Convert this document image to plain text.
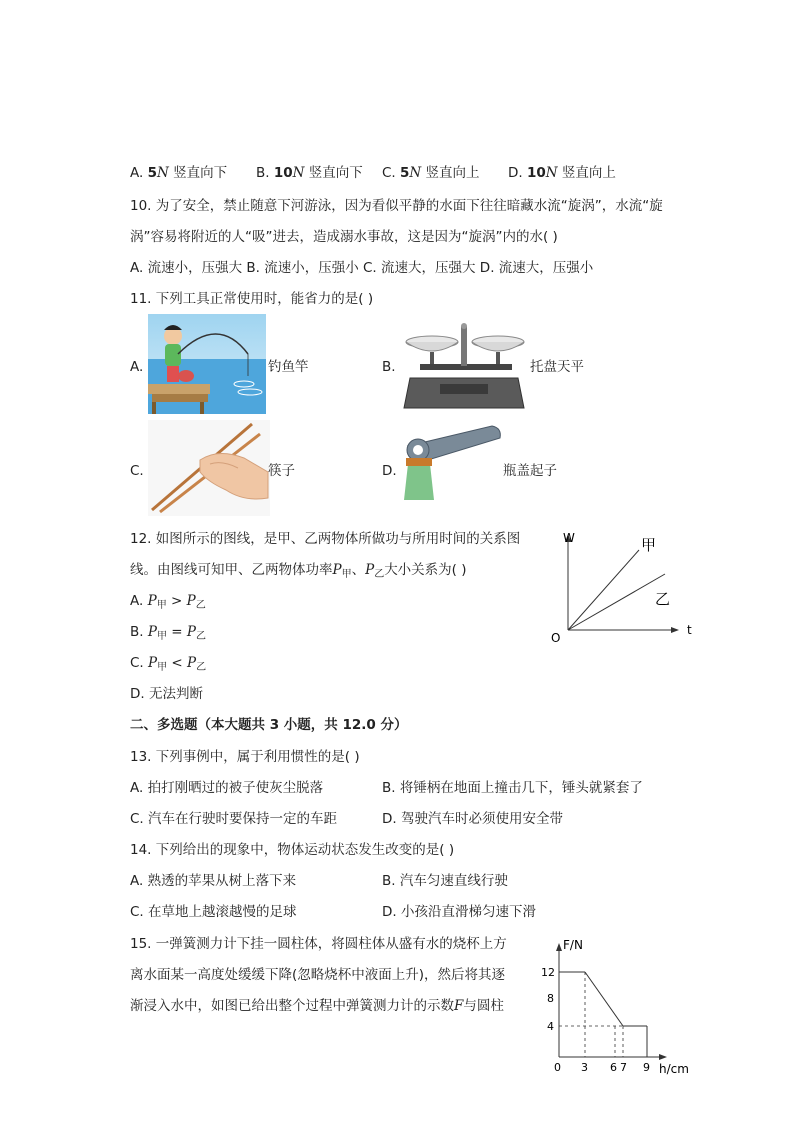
A. 5N 竖直向下 B. 10N 竖直向下 C. 5N 竖直向上 D. 10N 竖直向上
10. 为了安全，禁止随意下河游泳，因为看似平静的水面下往往暗藏水流“旋涡”，水流“旋
涡”容易将附近的人“吸”进去，造成溺水事故，这是因为“旋涡”内的水( )
A. 流速小，压强大 B. 流速小，压强小 C. 流速大，压强大 D. 流速大，压强小
11. 下列工具正常使用时，能省力的是( )
A.	钓鱼竿	B.	托盘天平
C.	筷子	D.	瓶盖起子
12. 如图所示的图线，是甲、乙两物体所做功与所用时间的关系图
线。由图线可知甲、乙两物体功率$P_甲$、$P_乙$大小关系为( )
A. $P_甲 > P_乙$
B. $P_甲 = P_乙$
C. $P_甲 < P_乙$
D. 无法判断
W
t
O
甲
乙
二、多选题（本大题共 3 小题，共 12.0 分）
13. 下列事例中，属于利用惯性的是( )
A. 拍打刚晒过的被子使灰尘脱落	B. 将锤柄在地面上撞击几下，锤头就紧套了
C. 汽车在行驶时要保持一定的车距	D. 驾驶汽车时必须使用安全带
14. 下列给出的现象中，物体运动状态发生改变的是( )
A. 熟透的苹果从树上落下来	B. 汽车匀速直线行驶
C. 在草地上越滚越慢的足球	D. 小孩沿直滑梯匀速下滑
15. 一弹簧测力计下挂一圆柱体，将圆柱体从盛有水的烧杯上方
离水面某一高度处缓缓下降(忽略烧杯中液面上升)，然后将其逐
渐浸入水中，如图已给出整个过程中弹簧测力计的示数F与圆柱
F/N
h/cm
12
8
4
0 3 6 7 9
